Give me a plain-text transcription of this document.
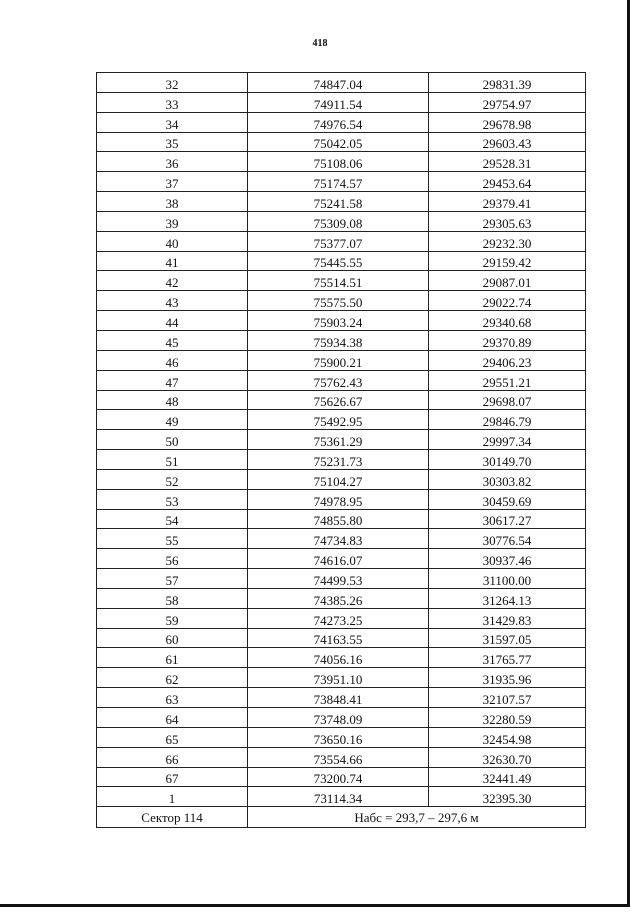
418
32	74847.04	29831.39
33	74911.54	29754.97
34	74976.54	29678.98
35	75042.05	29603.43
36	75108.06	29528.31
37	75174.57	29453.64
38	75241.58	29379.41
39	75309.08	29305.63
40	75377.07	29232.30
41	75445.55	29159.42
42	75514.51	29087.01
43	75575.50	29022.74
44	75903.24	29340.68
45	75934.38	29370.89
46	75900.21	29406.23
47	75762.43	29551.21
48	75626.67	29698.07
49	75492.95	29846.79
50	75361.29	29997.34
51	75231.73	30149.70
52	75104.27	30303.82
53	74978.95	30459.69
54	74855.80	30617.27
55	74734.83	30776.54
56	74616.07	30937.46
57	74499.53	31100.00
58	74385.26	31264.13
59	74273.25	31429.83
60	74163.55	31597.05
61	74056.16	31765.77
62	73951.10	31935.96
63	73848.41	32107.57
64	73748.09	32280.59
65	73650.16	32454.98
66	73554.66	32630.70
67	73200.74	32441.49
1	73114.34	32395.30
Сектор 114	Набс = 293,7 – 297,6 м	
